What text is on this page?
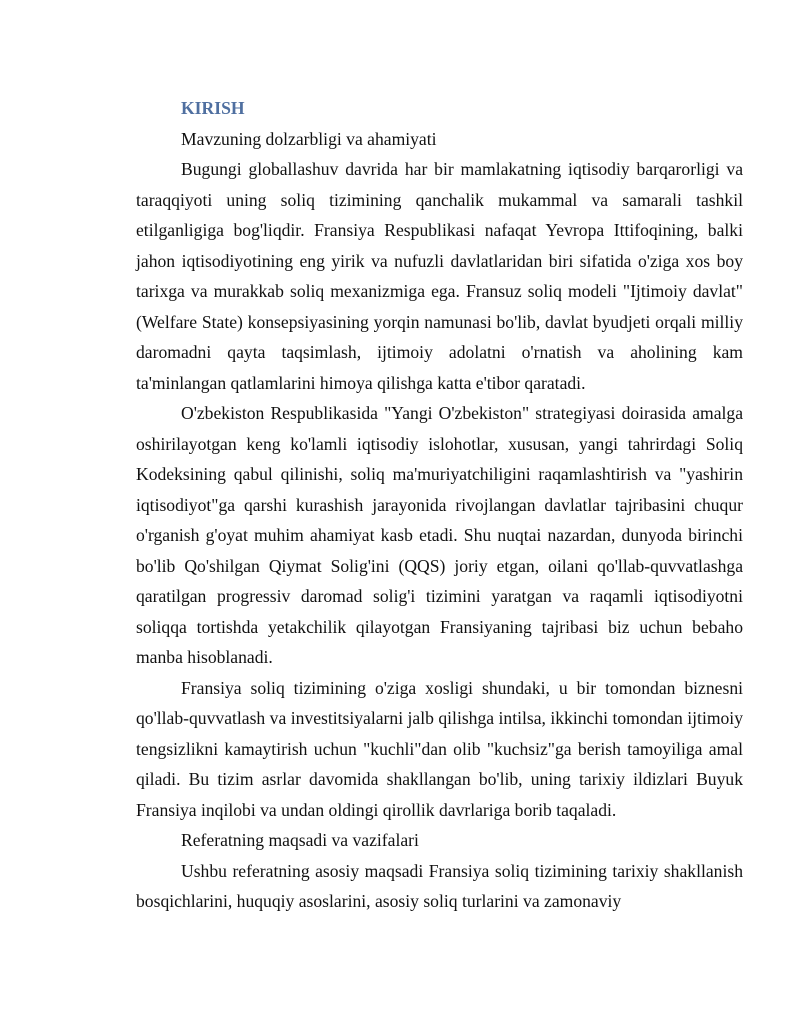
KIRISH

Mavzuning dolzarbligi va ahamiyati

Bugungi globallashuv davrida har bir mamlakatning iqtisodiy barqarorligi va taraqqiyoti uning soliq tizimining qanchalik mukammal va samarali tashkil etilganligiga bog'liqdir. Fransiya Respublikasi nafaqat Yevropa Ittifoqining, balki jahon iqtisodiyotining eng yirik va nufuzli davlatlaridan biri sifatida o'ziga xos boy tarixga va murakkab soliq mexanizmiga ega. Fransuz soliq modeli "Ijtimoiy davlat" (Welfare State) konsepsiyasining yorqin namunasi bo'lib, davlat byudjeti orqali milliy daromadni qayta taqsimlash, ijtimoiy adolatni o'rnatish va aholining kam ta'minlangan qatlamlarini himoya qilishga katta e'tibor qaratadi.

O'zbekiston Respublikasida "Yangi O'zbekiston" strategiyasi doirasida amalga oshirilayotgan keng ko'lamli iqtisodiy islohotlar, xususan, yangi tahrirdagi Soliq Kodeksining qabul qilinishi, soliq ma'muriyatchiligini raqamlashtirish va "yashirin iqtisodiyot"ga qarshi kurashish jarayonida rivojlangan davlatlar tajribasini chuqur o'rganish g'oyat muhim ahamiyat kasb etadi. Shu nuqtai nazardan, dunyoda birinchi bo'lib Qo'shilgan Qiymat Solig'ini (QQS) joriy etgan, oilani qo'llab-quvvatlashga qaratilgan progressiv daromad solig'i tizimini yaratgan va raqamli iqtisodiyotni soliqqa tortishda yetakchilik qilayotgan Fransiyaning tajribasi biz uchun bebaho manba hisoblanadi.

Fransiya soliq tizimining o'ziga xosligi shundaki, u bir tomondan biznesni qo'llab-quvvatlash va investitsiyalarni jalb qilishga intilsa, ikkinchi tomondan ijtimoiy tengsizlikni kamaytirish uchun "kuchli"dan olib "kuchsiz"ga berish tamoyiliga amal qiladi. Bu tizim asrlar davomida shakllangan bo'lib, uning tarixiy ildizlari Buyuk Fransiya inqilobi va undan oldingi qirollik davrlariga borib taqaladi.

Referatning maqsadi va vazifalari

Ushbu referatning asosiy maqsadi Fransiya soliq tizimining tarixiy shakllanish bosqichlarini, huquqiy asoslarini, asosiy soliq turlarini va zamonaviy
